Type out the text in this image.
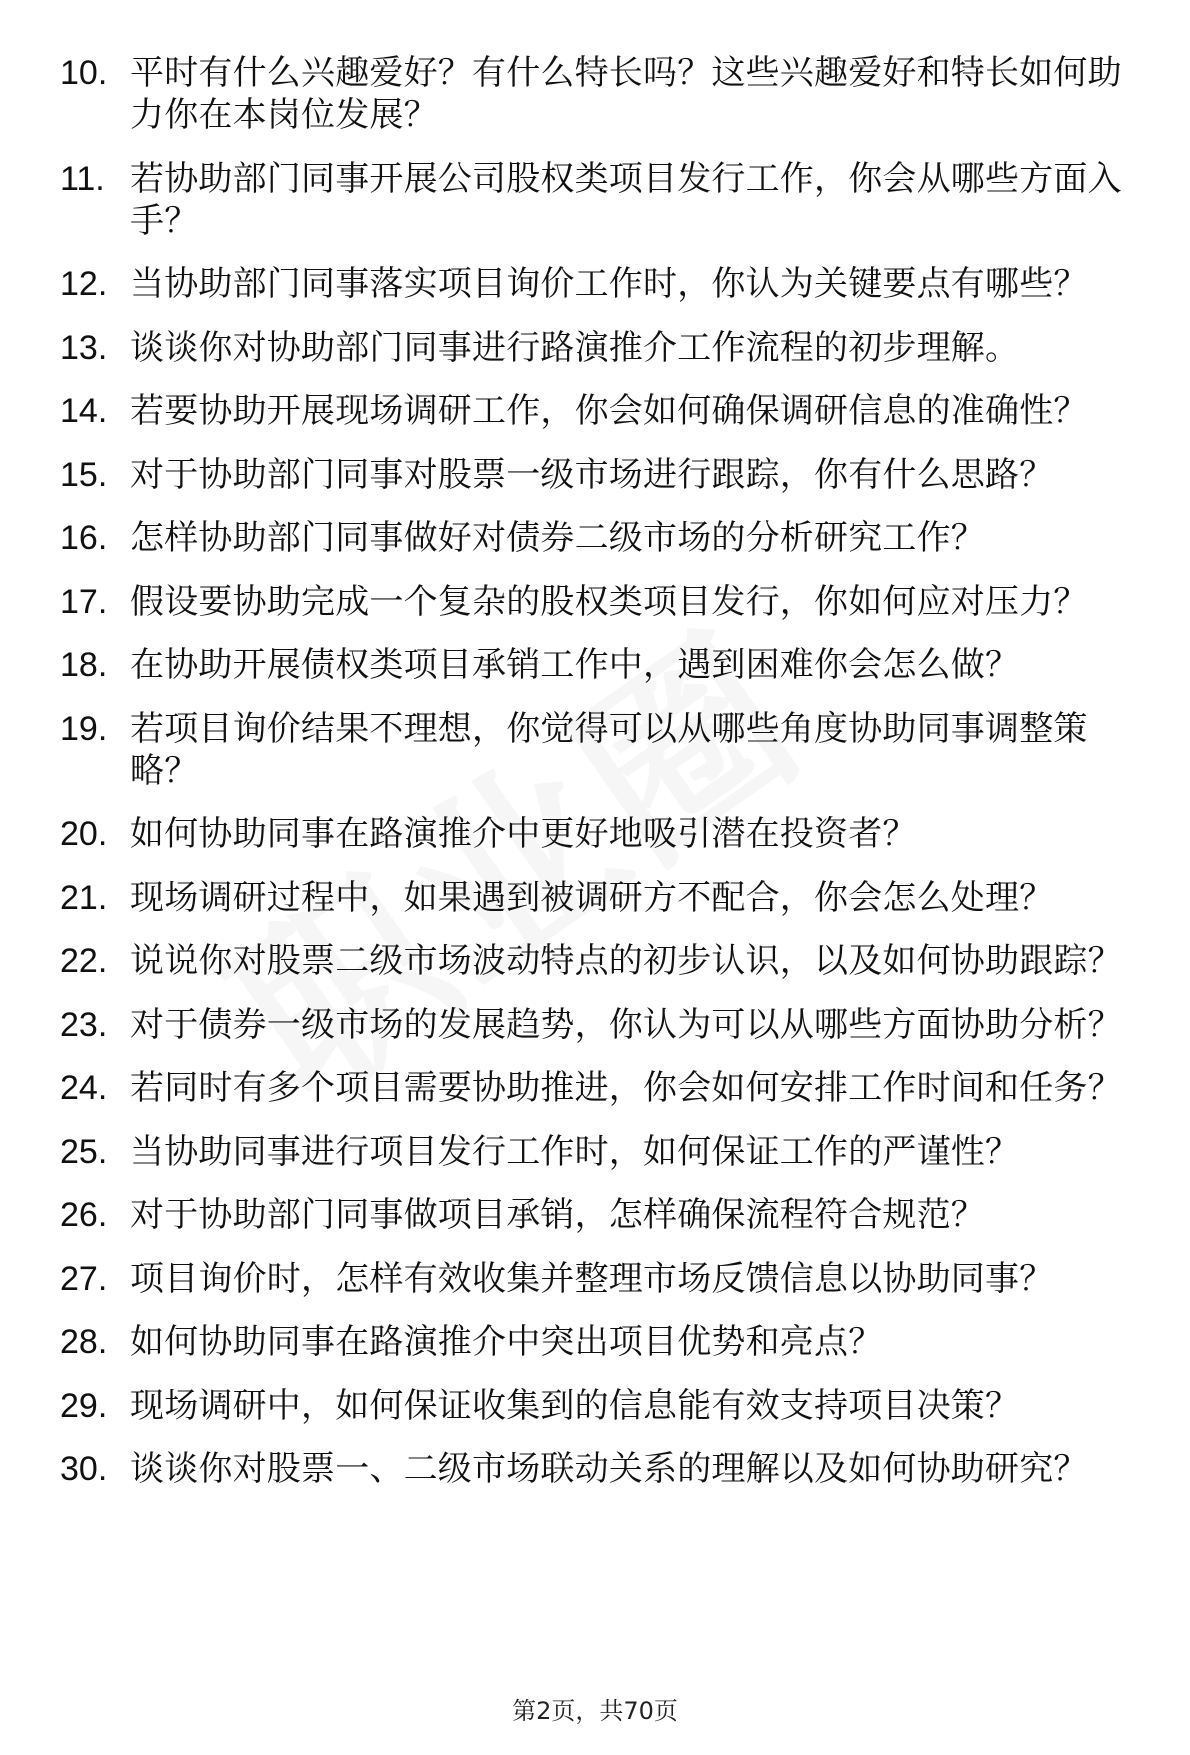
10. 平时有什么兴趣爱好？有什么特长吗？这些兴趣爱好和特长如何助力你在本岗位发展？
11. 若协助部门同事开展公司股权类项目发行工作，你会从哪些方面入手？
12. 当协助部门同事落实项目询价工作时，你认为关键要点有哪些？
13. 谈谈你对协助部门同事进行路演推介工作流程的初步理解。
14. 若要协助开展现场调研工作，你会如何确保调研信息的准确性？
15. 对于协助部门同事对股票一级市场进行跟踪，你有什么思路？
16. 怎样协助部门同事做好对债券二级市场的分析研究工作？
17. 假设要协助完成一个复杂的股权类项目发行，你如何应对压力？
18. 在协助开展债权类项目承销工作中，遇到困难你会怎么做？
19. 若项目询价结果不理想，你觉得可以从哪些角度协助同事调整策略？
20. 如何协助同事在路演推介中更好地吸引潜在投资者？
21. 现场调研过程中，如果遇到被调研方不配合，你会怎么处理？
22. 说说你对股票二级市场波动特点的初步认识，以及如何协助跟踪？
23. 对于债券一级市场的发展趋势，你认为可以从哪些方面协助分析？
24. 若同时有多个项目需要协助推进，你会如何安排工作时间和任务？
25. 当协助同事进行项目发行工作时，如何保证工作的严谨性？
26. 对于协助部门同事做项目承销，怎样确保流程符合规范？
27. 项目询价时，怎样有效收集并整理市场反馈信息以协助同事？
28. 如何协助同事在路演推介中突出项目优势和亮点？
29. 现场调研中，如何保证收集到的信息能有效支持项目决策？
30. 谈谈你对股票一、二级市场联动关系的理解以及如何协助研究？
第2页，共70页
